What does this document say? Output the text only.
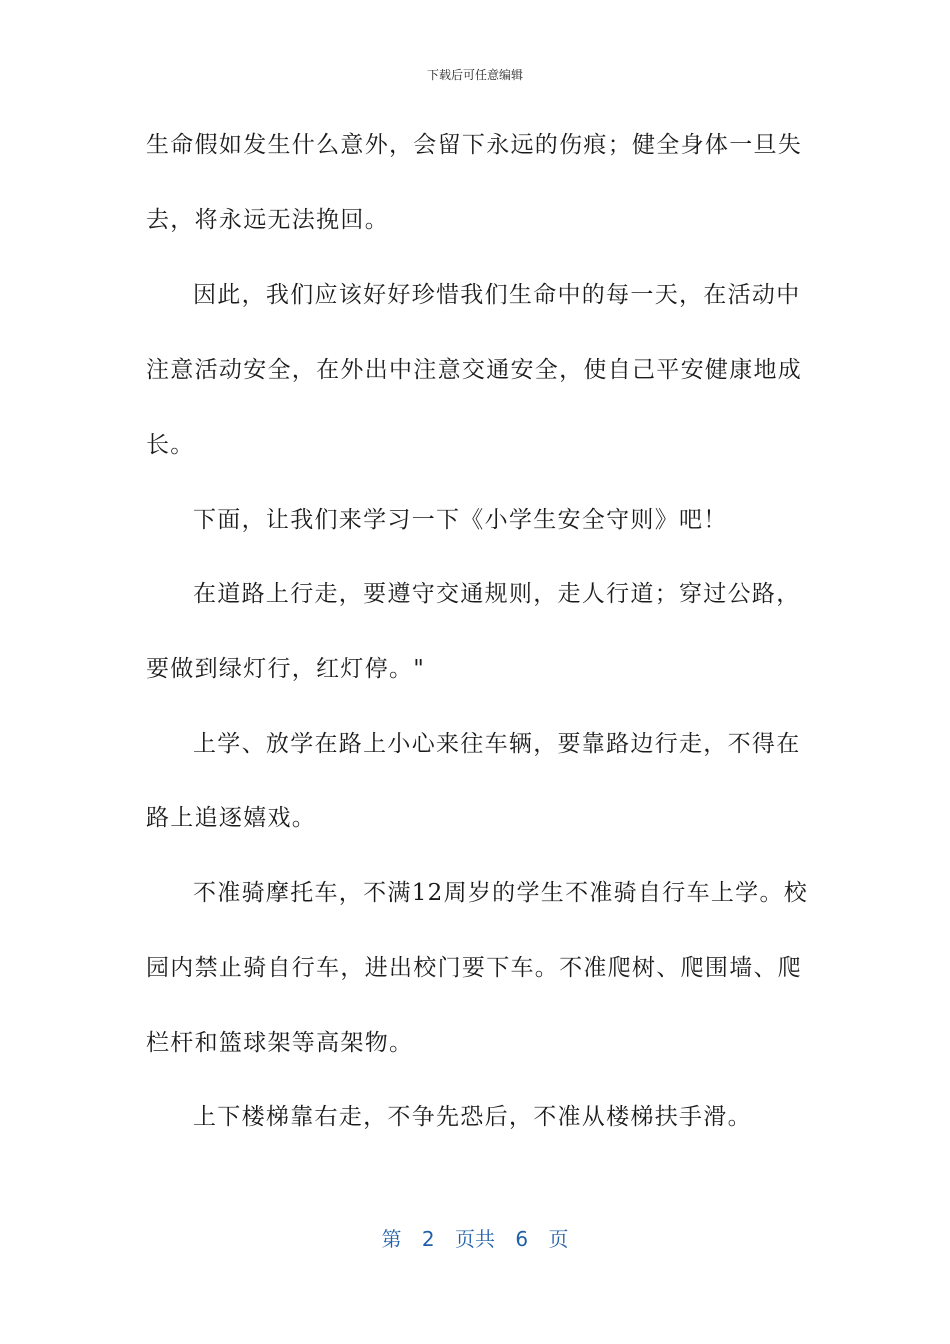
下载后可任意编辑
生命假如发生什么意外，会留下永远的伤痕；健全身体一旦失
去，将永远无法挽回。
因此，我们应该好好珍惜我们生命中的每一天，在活动中
注意活动安全，在外出中注意交通安全，使自己平安健康地成
长。
下面，让我们来学习一下《小学生安全守则》吧！
在道路上行走，要遵守交通规则，走人行道；穿过公路，
要做到绿灯行，红灯停。"
上学、放学在路上小心来往车辆，要靠路边行走，不得在
路上追逐嬉戏。
不准骑摩托车，不满12周岁的学生不准骑自行车上学。校
园内禁止骑自行车，进出校门要下车。不准爬树、爬围墙、爬
栏杆和篮球架等高架物。
上下楼梯靠右走，不争先恐后，不准从楼梯扶手滑。
第 2 页共 6 页
